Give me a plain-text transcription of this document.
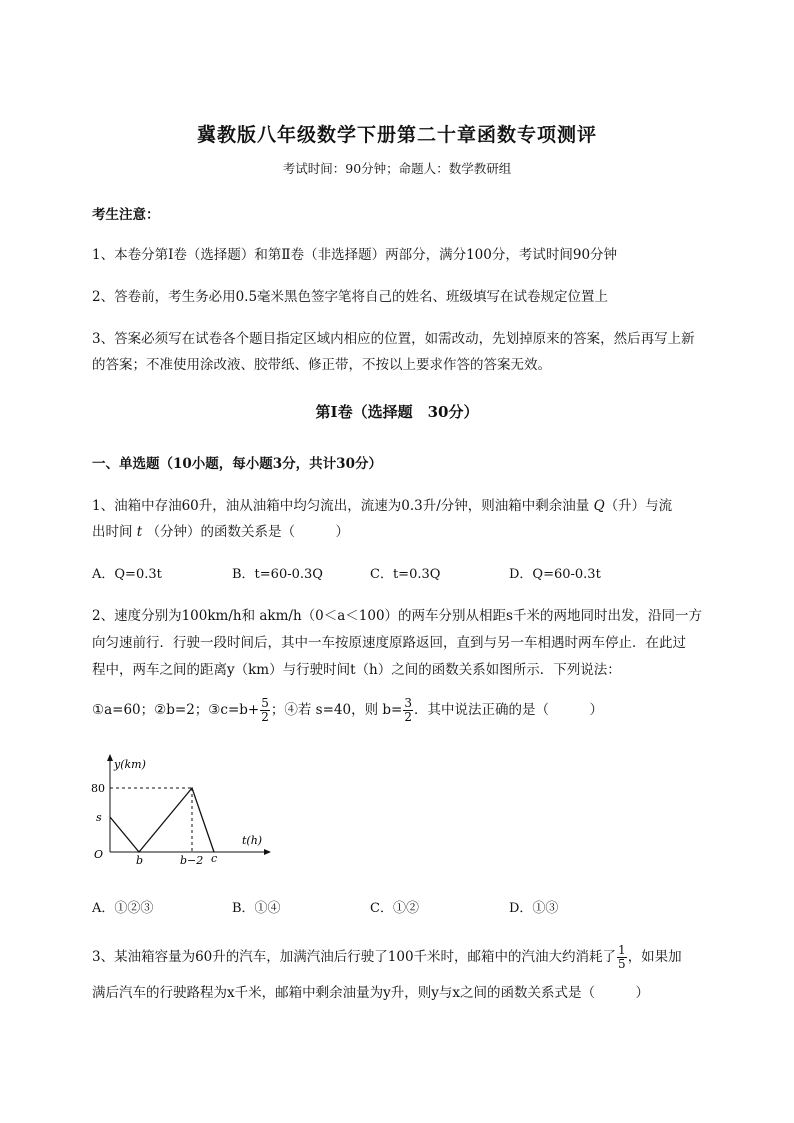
冀教版八年级数学下册第二十章函数专项测评
考试时间：90分钟；命题人：数学教研组
考生注意：
1、本卷分第I卷（选择题）和第Ⅱ卷（非选择题）两部分，满分100分，考试时间90分钟
2、答卷前，考生务必用0.5毫米黑色签字笔将自己的姓名、班级填写在试卷规定位置上
3、答案必须写在试卷各个题目指定区域内相应的位置，如需改动，先划掉原来的答案，然后再写上新
的答案；不准使用涂改液、胶带纸、修正带，不按以上要求作答的答案无效。
第I卷（选择题　30分）
一、单选题（10小题，每小题3分，共计30分）
1、油箱中存油60升，油从油箱中均匀流出，流速为0.3升/分钟，则油箱中剩余油量 Q（升）与流
出时间 t （分钟）的函数关系是（　　　）
A．Q=0.3t	B．t=60-0.3Q	C．t=0.3Q	D．Q=60-0.3t
2、速度分别为100km/h和 akm/h（0＜a＜100）的两车分别从相距s千米的两地同时出发，沿同一方
向匀速前行．行驶一段时间后，其中一车按原速度原路返回，直到与另一车相遇时两车停止．在此过
程中，两车之间的距离y（km）与行驶时间t（h）之间的函数关系如图所示．下列说法：
①a=60；②b=2；③c=b+ $\frac{5}{2}$ ；④若 s=40，则 $b= \frac{3}{2}$ ．其中说法正确的是（　　　）
y(km)
t(h)
80
s
O	b	b−2 c
A．①②③	B．①④	C．①②	D．①③
3、某油箱容量为60升的汽车，加满汽油后行驶了100千米时，邮箱中的汽油大约消耗了 $\frac{1}{5}$ ，如果加
满后汽车的行驶路程为x千米，邮箱中剩余油量为y升，则y与x之间的函数关系式是（　　　）
